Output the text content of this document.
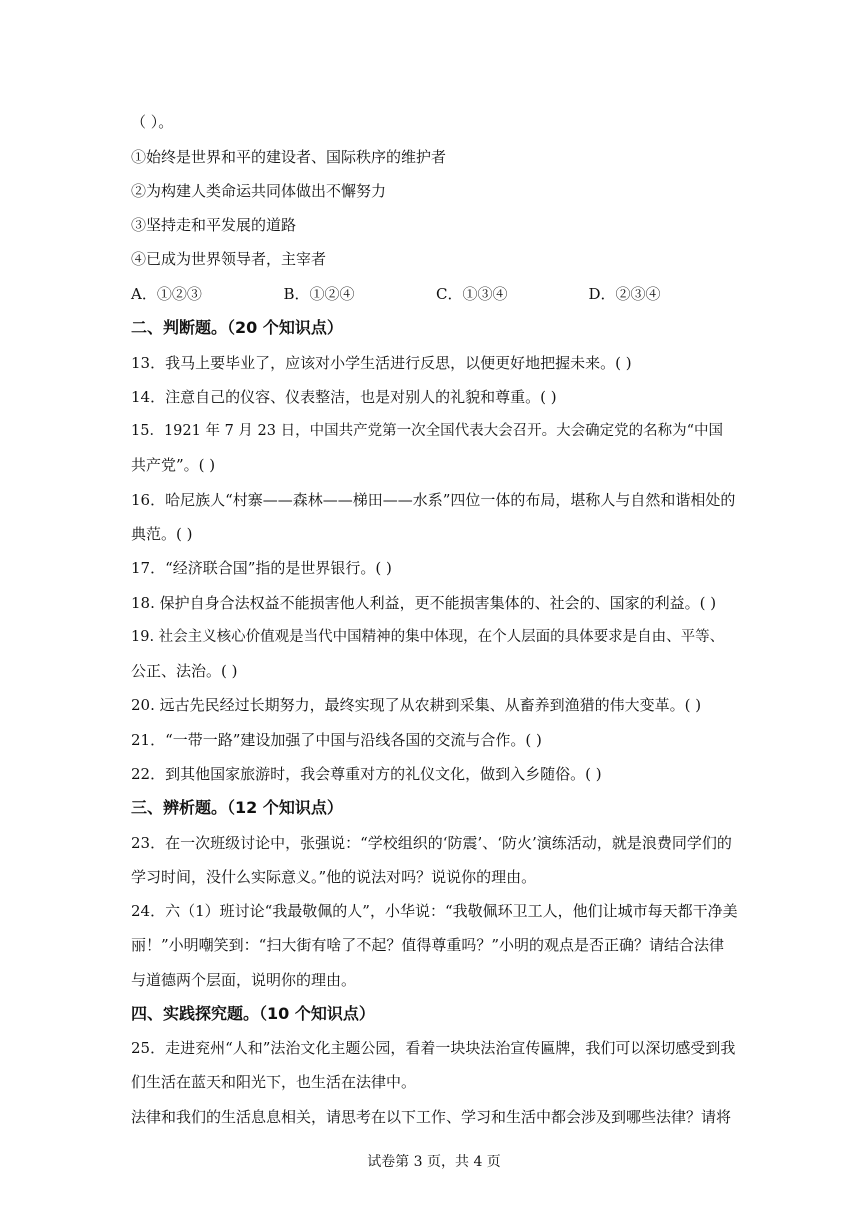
（ ）。
①始终是世界和平的建设者、国际秩序的维护者
②为构建人类命运共同体做出不懈努力
③坚持走和平发展的道路
④已成为世界领导者，主宰者
A．①②③	B．①②④	C．①③④	D．②③④
二、判断题。（20 个知识点）
13．我马上要毕业了，应该对小学生活进行反思，以便更好地把握未来。( )
14．注意自己的仪容、仪表整洁，也是对别人的礼貌和尊重。( )
15．1921 年 7 月 23 日，中国共产党第一次全国代表大会召开。大会确定党的名称为“中国
共产党”。( )
16．哈尼族人“村寨——森林——梯田——水系”四位一体的布局，堪称人与自然和谐相处的
典范。( )
17．“经济联合国”指的是世界银行。( )
18. 保护自身合法权益不能损害他人利益，更不能损害集体的、社会的、国家的利益。( )
19. 社会主义核心价值观是当代中国精神的集中体现，在个人层面的具体要求是自由、平等、
公正、法治。( )
20. 远古先民经过长期努力，最终实现了从农耕到采集、从畜养到渔猎的伟大变革。( )
21．“一带一路”建设加强了中国与沿线各国的交流与合作。( )
22．到其他国家旅游时，我会尊重对方的礼仪文化，做到入乡随俗。( )
三、辨析题。（12 个知识点）
23．在一次班级讨论中，张强说：“学校组织的‘防震’、‘防火’演练活动，就是浪费同学们的
学习时间，没什么实际意义。”他的说法对吗？说说你的理由。
24．六（1）班讨论“我最敬佩的人”，小华说：“我敬佩环卫工人，他们让城市每天都干净美
丽！”小明嘲笑到：“扫大街有啥了不起？值得尊重吗？”小明的观点是否正确？请结合法律
与道德两个层面，说明你的理由。
四、实践探究题。（10 个知识点）
25．走进兖州“人和”法治文化主题公园，看着一块块法治宣传匾牌，我们可以深切感受到我
们生活在蓝天和阳光下，也生活在法律中。
法律和我们的生活息息相关，请思考在以下工作、学习和生活中都会涉及到哪些法律？请将
试卷第 3 页，共 4 页
